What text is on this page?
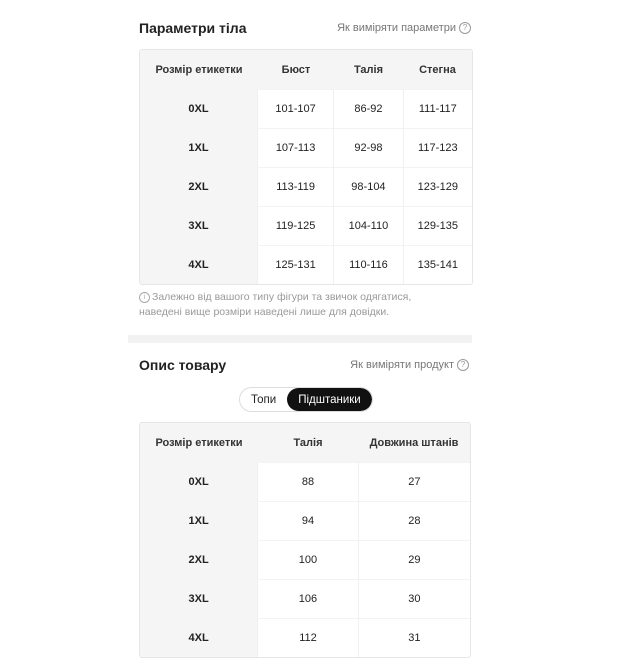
Параметри тіла	Як виміряти параметри ?
Розмір етикетки	Бюст	Талія	Стегна
0XL	101-107	86-92	111-117
1XL	107-113	92-98	117-123
2XL	113-119	98-104	123-129
3XL	119-125	104-110	129-135
4XL	125-131	110-116	135-141
i Залежно від вашого типу фігури та звичок одягатися,
наведені вище розміри наведені лише для довідки.
Опис товару	Як виміряти продукт ?
Топи	Підштаники
Розмір етикетки	Талія	Довжина штанів
0XL	88	27
1XL	94	28
2XL	100	29
3XL	106	30
4XL	112	31
